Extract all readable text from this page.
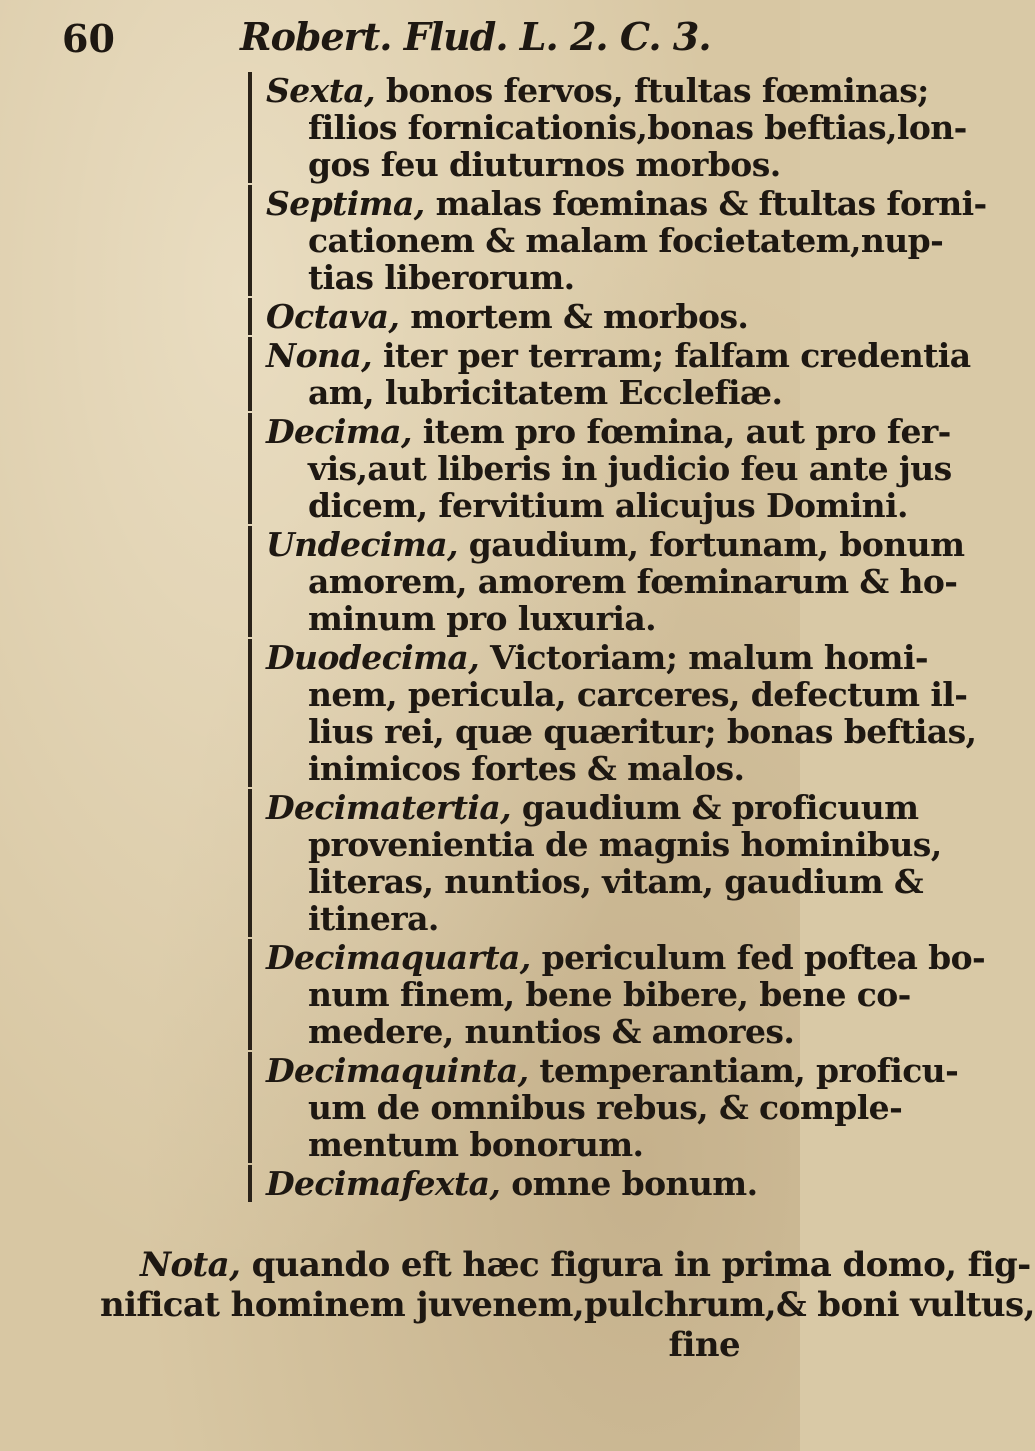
60	Robert. Flud. L. 2. C. 3.
Sexta, bonos fervos, ftultas fœminas;
filios fornicationis,bonas beftias,lon-
gos feu diuturnos morbos.
Septima, malas fœminas & ftultas forni-
cationem & malam focietatem,nup-
tias liberorum.
Octava, mortem & morbos.
Nona, iter per terram; falfam credentia
am, lubricitatem Ecclefiæ.
Decima, item pro fœmina, aut pro fer-
vis,aut liberis in judicio feu ante jus
dicem, fervitium alicujus Domini.
Undecima, gaudium, fortunam, bonum
amorem, amorem fœminarum & ho-
minum pro luxuria.
Duodecima, Victoriam; malum homi-
nem, pericula, carceres, defectum il-
lius rei, quæ quæritur; bonas beftias,
inimicos fortes & malos.
Decimatertia, gaudium & proficuum
provenientia de magnis hominibus,
literas, nuntios, vitam, gaudium &
itinera.
Decimaquarta, periculum fed poftea bo-
num finem, bene bibere, bene co-
medere, nuntios & amores.
Decimaquinta, temperantiam, proficu-
um de omnibus rebus, & comple-
mentum bonorum.
Decimafexta, omne bonum.
Nota, quando eft hæc figura in prima domo, fig-
nificat hominem juvenem,pulchrum,& boni vultus,
fine
